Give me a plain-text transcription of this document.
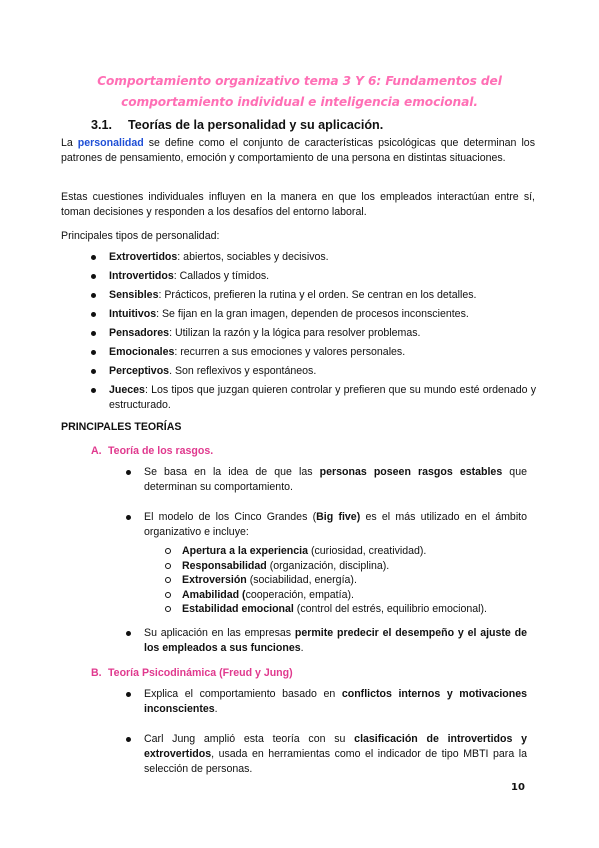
Comportamiento organizativo tema 3 Y 6: Fundamentos del comportamiento individual e inteligencia emocional.
3.1. Teorías de la personalidad y su aplicación.
La personalidad se define como el conjunto de características psicológicas que determinan los patrones de pensamiento, emoción y comportamiento de una persona en distintas situaciones.
Estas cuestiones individuales influyen en la manera en que los empleados interactúan entre sí, toman decisiones y responden a los desafíos del entorno laboral.
Principales tipos de personalidad:
Extrovertidos: abiertos, sociables y decisivos.
Introvertidos: Callados y tímidos.
Sensibles: Prácticos, prefieren la rutina y el orden. Se centran en los detalles.
Intuitivos: Se fijan en la gran imagen, dependen de procesos inconscientes.
Pensadores: Utilizan la razón y la lógica para resolver problemas.
Emocionales: recurren a sus emociones y valores personales.
Perceptivos. Son reflexivos y espontáneos.
Jueces: Los tipos que juzgan quieren controlar y prefieren que su mundo esté ordenado y estructurado.
PRINCIPALES TEORÍAS
A. Teoría de los rasgos.
Se basa en la idea de que las personas poseen rasgos estables que determinan su comportamiento.
El modelo de los Cinco Grandes (Big five) es el más utilizado en el ámbito organizativo e incluye:
Apertura a la experiencia (curiosidad, creatividad).
Responsabilidad (organización, disciplina).
Extroversión (sociabilidad, energía).
Amabilidad (cooperación, empatía).
Estabilidad emocional (control del estrés, equilibrio emocional).
Su aplicación en las empresas permite predecir el desempeño y el ajuste de los empleados a sus funciones.
B. Teoría Psicodinámica (Freud y Jung)
Explica el comportamiento basado en conflictos internos y motivaciones inconscientes.
Carl Jung amplió esta teoría con su clasificación de introvertidos y extrovertidos, usada en herramientas como el indicador de tipo MBTI para la selección de personas.
10
